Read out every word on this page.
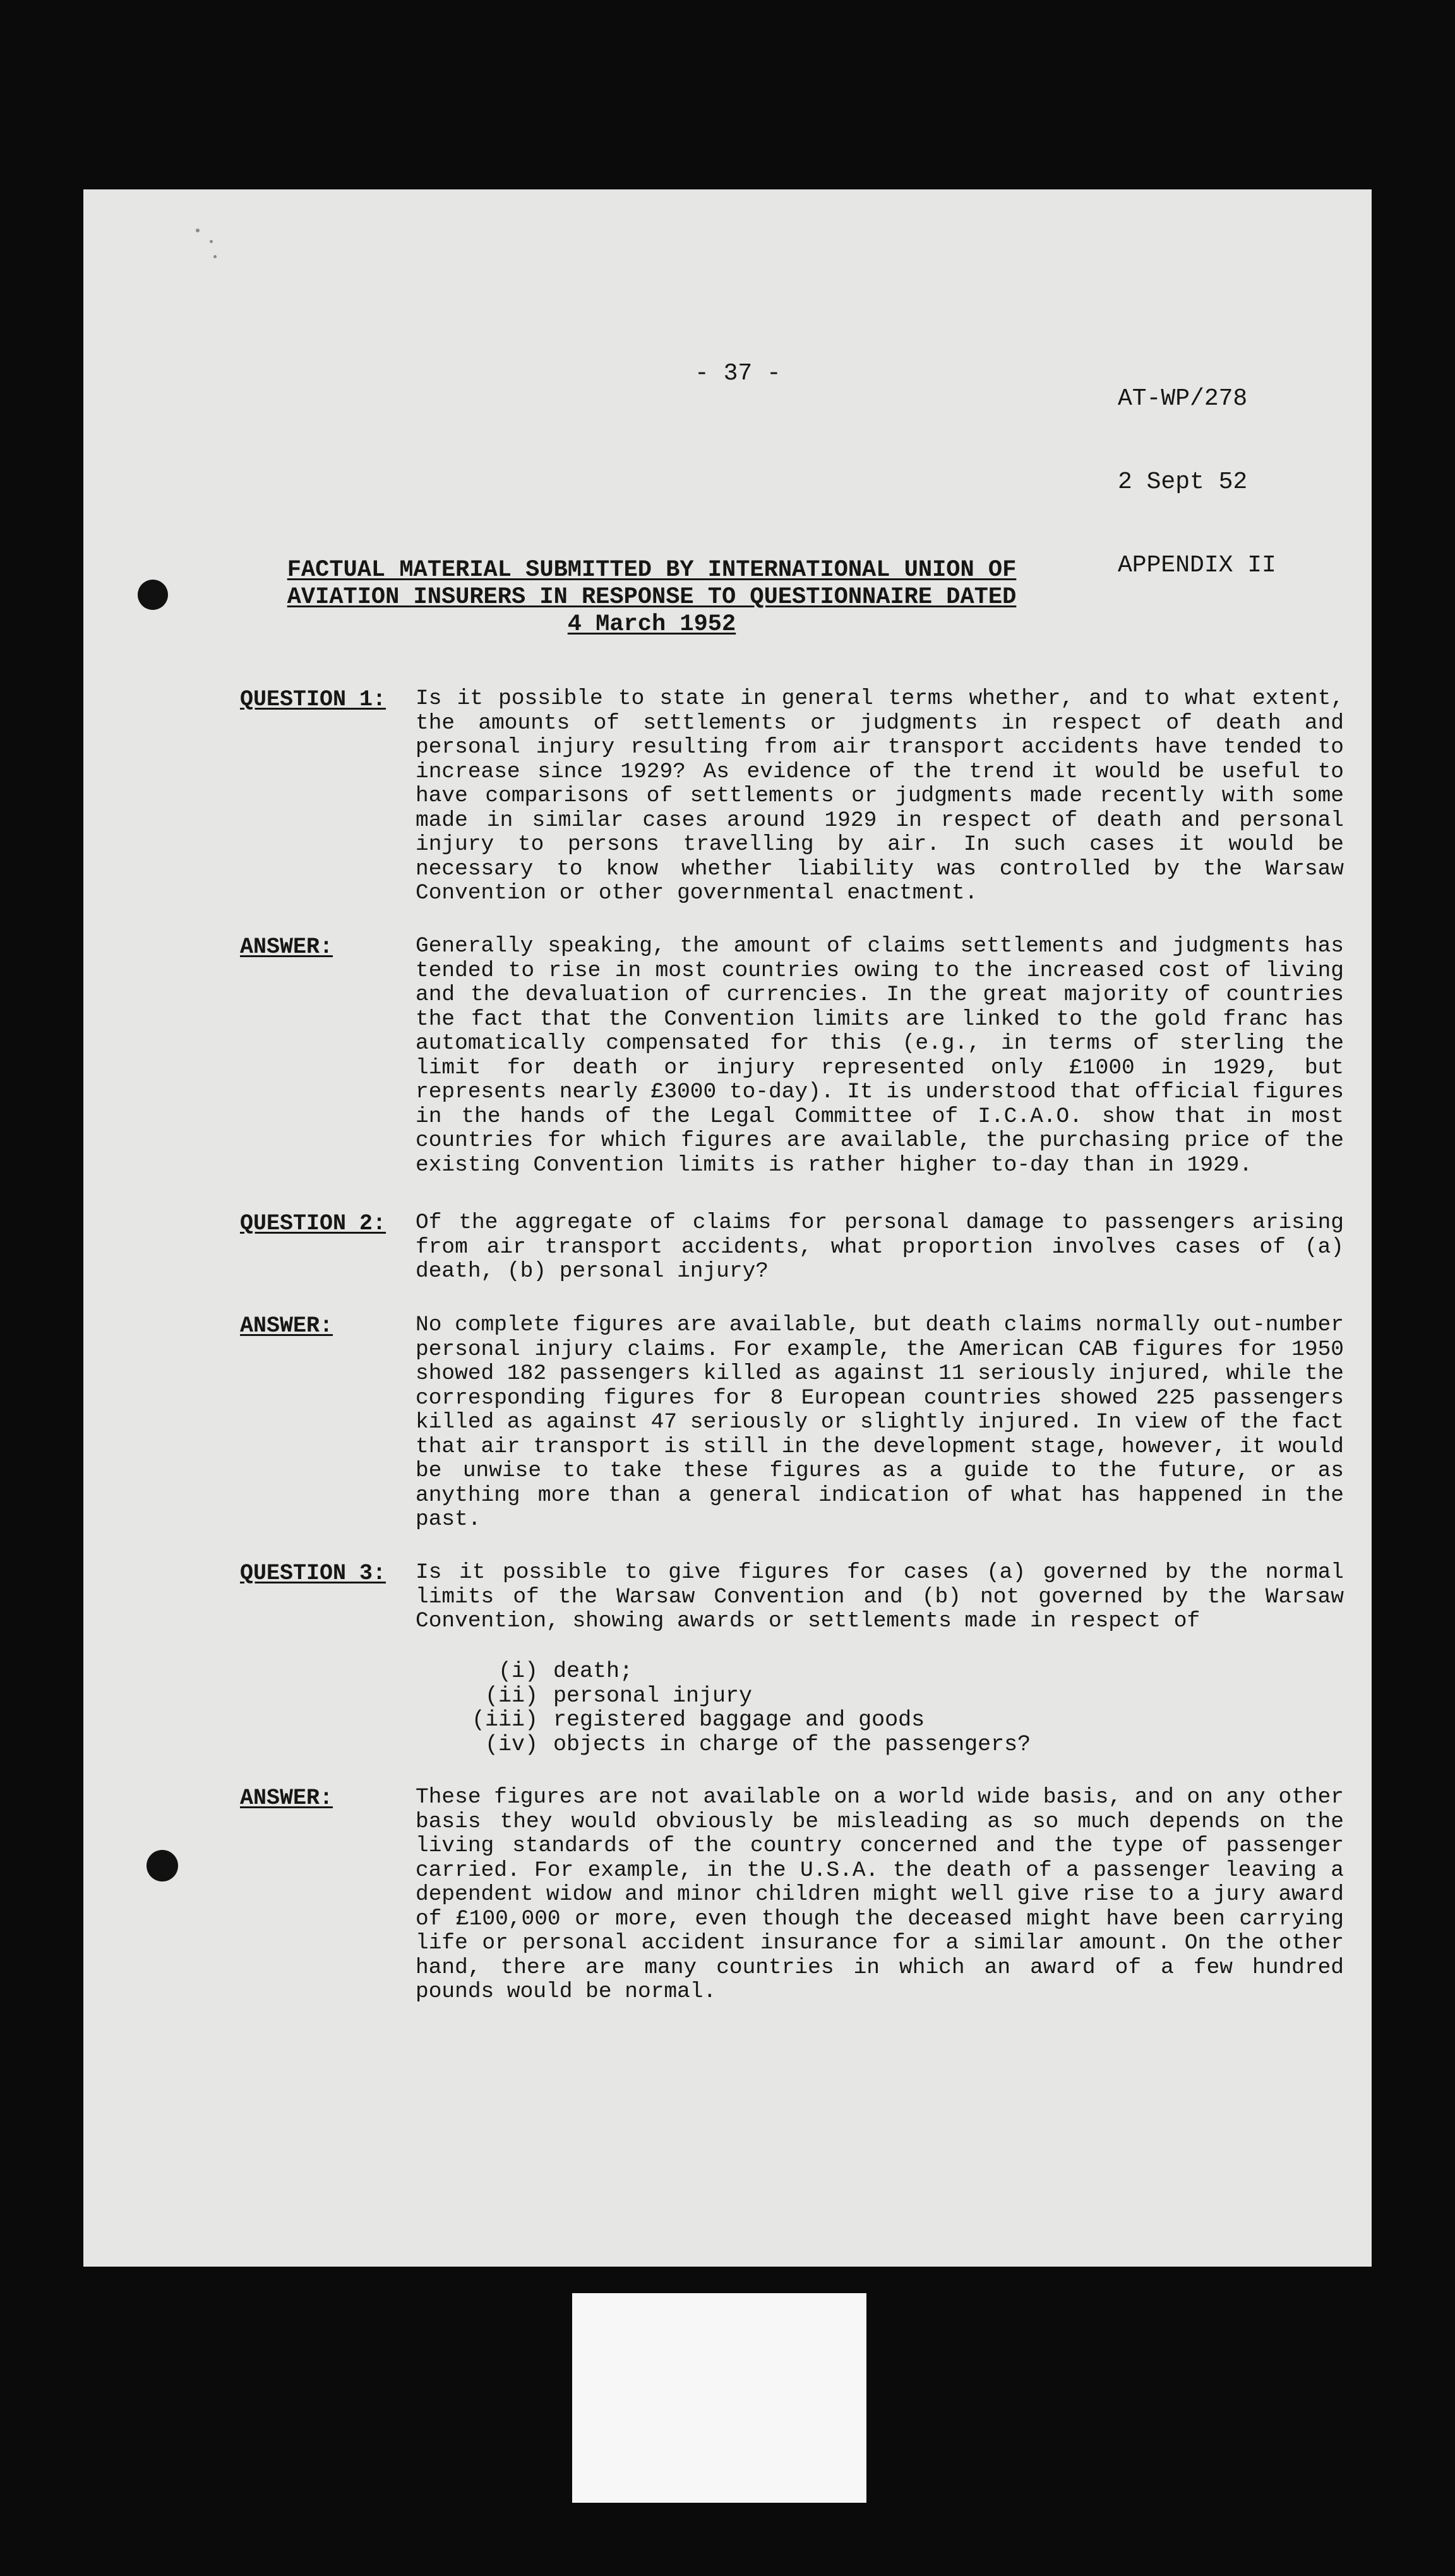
- 37 -

AT-WP/278

2 Sept 52

APPENDIX II

FACTUAL MATERIAL SUBMITTED BY INTERNATIONAL UNION OF
AVIATION INSURERS IN RESPONSE TO QUESTIONNAIRE DATED
4 March 1952
QUESTION 1: Is it possible to state in general terms whether, and to what extent, the amounts of settlements or judgments in respect of death and personal injury resulting from air transport accidents have tended to increase since 1929? As evidence of the trend it would be useful to have comparisons of settlements or judgments made recently with some made in similar cases around 1929 in respect of death and personal injury to persons travelling by air. In such cases it would be necessary to know whether liability was controlled by the Warsaw Convention or other governmental enactment.
ANSWER:	Generally speaking, the amount of claims settlements and judgments has tended to rise in most countries owing to the increased cost of living and the devaluation of currencies. In the great majority of countries the fact that the Convention limits are linked to the gold franc has automatically compensated for this (e.g., in terms of sterling the limit for death or injury represented only £1000 in 1929, but represents nearly £3000 to-day). It is understood that official figures in the hands of the Legal Committee of I.C.A.O. show that in most countries for which figures are available, the purchasing price of the existing Convention limits is rather higher to-day than in 1929.
QUESTION 2: Of the aggregate of claims for personal damage to passengers arising from air transport accidents, what proportion involves cases of (a) death, (b) personal injury?
ANSWER:	No complete figures are available, but death claims normally out-number personal injury claims. For example, the American CAB figures for 1950 showed 182 passengers killed as against 11 seriously injured, while the corresponding figures for 8 European countries showed 225 passengers killed as against 47 seriously or slightly injured. In view of the fact that air transport is still in the development stage, however, it would be unwise to take these figures as a guide to the future, or as anything more than a general indication of what has happened in the past.
QUESTION 3: Is it possible to give figures for cases (a) governed by the normal limits of the Warsaw Convention and (b) not governed by the Warsaw Convention, showing awards or settlements made in respect of
(i) death;
(ii) personal injury
(iii) registered baggage and goods
(iv) objects in charge of the passengers?
ANSWER:	These figures are not available on a world wide basis, and on any other basis they would obviously be misleading as so much depends on the living standards of the country concerned and the type of passenger carried. For example, in the U.S.A. the death of a passenger leaving a dependent widow and minor children might well give rise to a jury award of £100,000 or more, even though the deceased might have been carrying life or personal accident insurance for a similar amount. On the other hand, there are many countries in which an award of a few hundred pounds would be normal.
